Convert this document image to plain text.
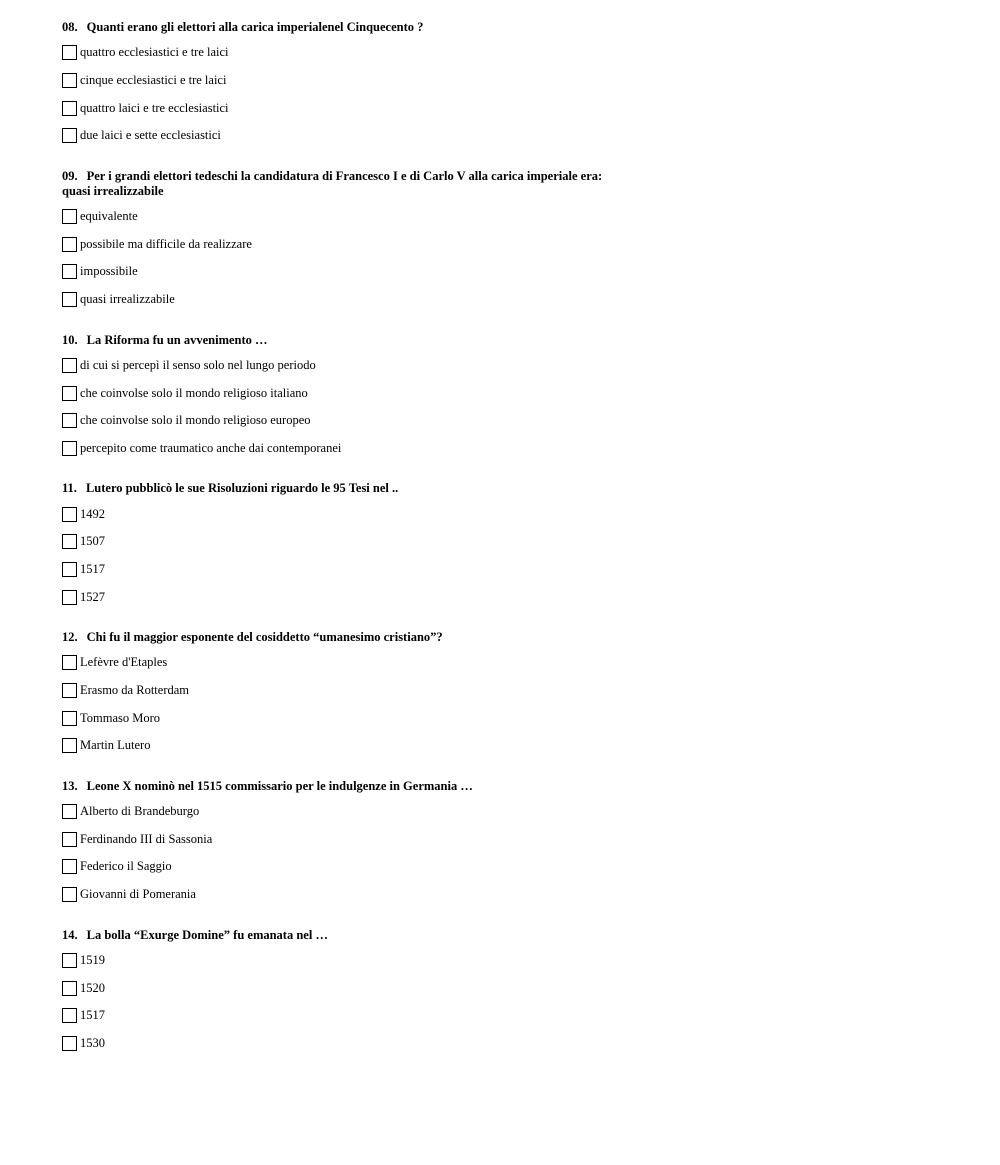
08. Quanti erano gli elettori alla carica imperialenel Cinquecento ?
quattro ecclesiastici e tre laici
cinque ecclesiastici e tre laici
quattro laici e tre ecclesiastici
due laici e sette ecclesiastici
09. Per i grandi elettori tedeschi la candidatura di Francesco I e di Carlo V alla carica imperiale era:
quasi irrealizzabile
equivalente
possibile ma difficile da realizzare
impossibile
quasi irrealizzabile
10. La Riforma fu un avvenimento …
di cui si percepì il senso solo nel lungo periodo
che coinvolse solo il mondo religioso italiano
che coinvolse solo il mondo religioso europeo
percepito come traumatico anche dai contemporanei
11. Lutero pubblicò le sue Risoluzioni riguardo le 95 Tesi nel ..
1492
1507
1517
1527
12. Chi fu il maggior esponente del cosiddetto “umanesimo cristiano”?
Lefèvre d'Etaples
Erasmo da Rotterdam
Tommaso Moro
Martin Lutero
13. Leone X nominò nel 1515 commissario per le indulgenze in Germania …
Alberto di Brandeburgo
Ferdinando III di Sassonia
Federico il Saggio
Giovanni di Pomerania
14. La bolla “Exurge Domine” fu emanata nel …
1519
1520
1517
1530
